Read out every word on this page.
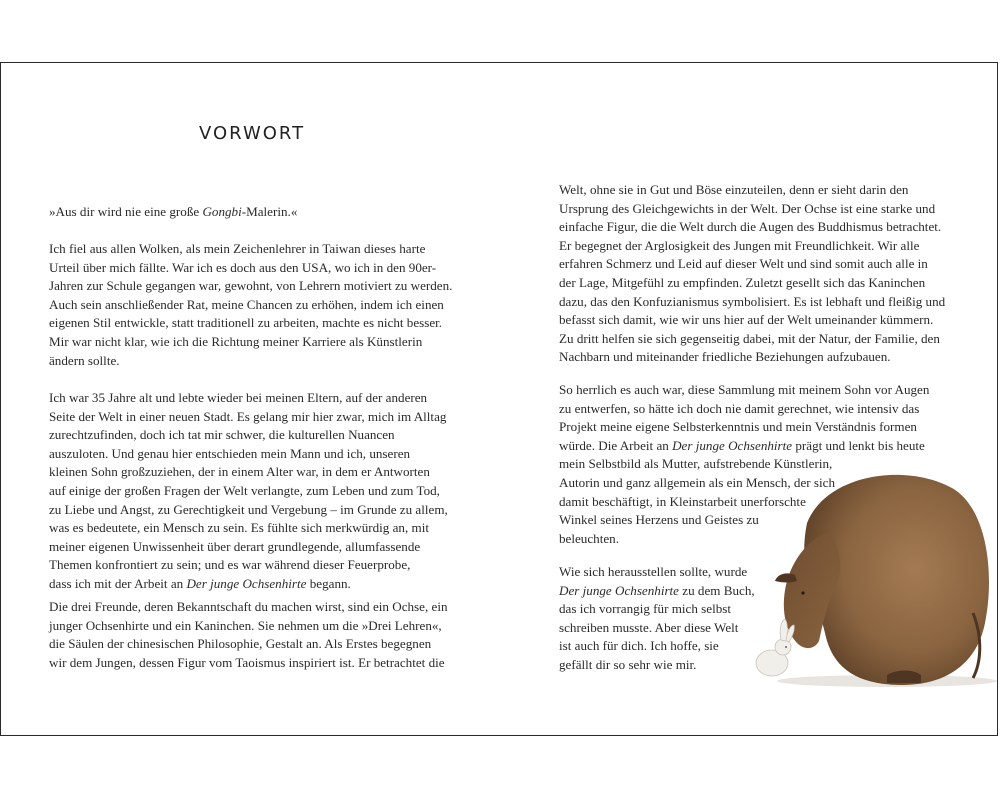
VORWORT

»Aus dir wird nie eine große Gongbi-Malerin.«

Ich fiel aus allen Wolken, als mein Zeichenlehrer in Taiwan dieses harte
Urteil über mich fällte. War ich es doch aus den USA, wo ich in den 90er-
Jahren zur Schule gegangen war, gewohnt, von Lehrern motiviert zu werden.
Auch sein anschließender Rat, meine Chancen zu erhöhen, indem ich einen
eigenen Stil entwickle, statt traditionell zu arbeiten, machte es nicht besser.
Mir war nicht klar, wie ich die Richtung meiner Karriere als Künstlerin
ändern sollte.

Ich war 35 Jahre alt und lebte wieder bei meinen Eltern, auf der anderen
Seite der Welt in einer neuen Stadt. Es gelang mir hier zwar, mich im Alltag
zurechtzufinden, doch ich tat mir schwer, die kulturellen Nuancen
auszuloten. Und genau hier entschieden mein Mann und ich, unseren
kleinen Sohn großzuziehen, der in einem Alter war, in dem er Antworten
auf einige der großen Fragen der Welt verlangte, zum Leben und zum Tod,
zu Liebe und Angst, zu Gerechtigkeit und Vergebung – im Grunde zu allem,
was es bedeutete, ein Mensch zu sein. Es fühlte sich merkwürdig an, mit
meiner eigenen Unwissenheit über derart grundlegende, allumfassende
Themen konfrontiert zu sein; und es war während dieser Feuerprobe,
dass ich mit der Arbeit an Der junge Ochsenhirte begann.

Die drei Freunde, deren Bekanntschaft du machen wirst, sind ein Ochse, ein
junger Ochsenhirte und ein Kaninchen. Sie nehmen um die »Drei Lehren«,
die Säulen der chinesischen Philosophie, Gestalt an. Als Erstes begegnen
wir dem Jungen, dessen Figur vom Taoismus inspiriert ist. Er betrachtet die

Welt, ohne sie in Gut und Böse einzuteilen, denn er sieht darin den
Ursprung des Gleichgewichts in der Welt. Der Ochse ist eine starke und
einfache Figur, die die Welt durch die Augen des Buddhismus betrachtet.
Er begegnet der Arglosigkeit des Jungen mit Freundlichkeit. Wir alle
erfahren Schmerz und Leid auf dieser Welt und sind somit auch alle in
der Lage, Mitgefühl zu empfinden. Zuletzt gesellt sich das Kaninchen
dazu, das den Konfuzianismus symbolisiert. Es ist lebhaft und fleißig und
befasst sich damit, wie wir uns hier auf der Welt umeinander kümmern.
Zu dritt helfen sie sich gegenseitig dabei, mit der Natur, der Familie, den
Nachbarn und miteinander friedliche Beziehungen aufzubauen.

So herrlich es auch war, diese Sammlung mit meinem Sohn vor Augen
zu entwerfen, so hätte ich doch nie damit gerechnet, wie intensiv das
Projekt meine eigene Selbsterkenntnis und mein Verständnis formen
würde. Die Arbeit an Der junge Ochsenhirte prägt und lenkt bis heute
mein Selbstbild als Mutter, aufstrebende Künstlerin,
Autorin und ganz allgemein als ein Mensch, der sich
damit beschäftigt, in Kleinstarbeit unerforschte
Winkel seines Herzens und Geistes zu
beleuchten.

Wie sich herausstellen sollte, wurde
Der junge Ochsenhirte zu dem Buch,
das ich vorrangig für mich selbst
schreiben musste. Aber diese Welt
ist auch für dich. Ich hoffe, sie
gefällt dir so sehr wie mir.
